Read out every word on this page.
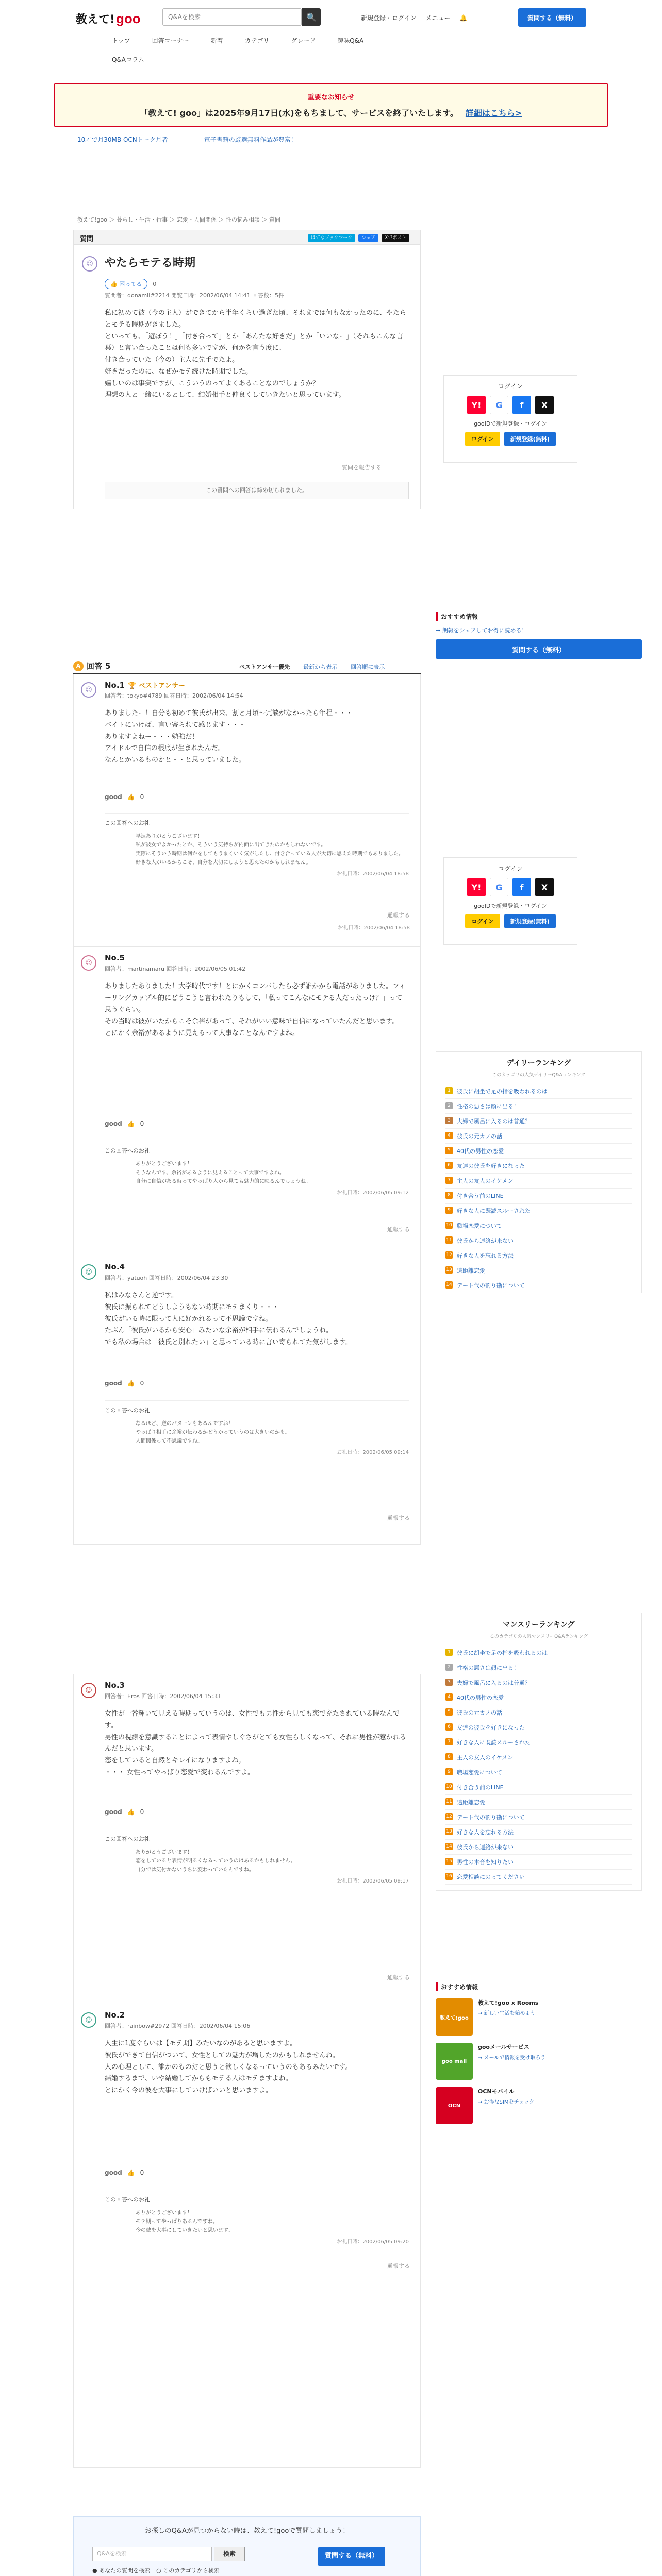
教えて! goo
Q&Aを検索	🔍	新規登録・ログイン メニュー 🔔	質問する（無料）
トップ	回答コーナー	新着	カテゴリ	グレード	趣味Q&A
Q&Aコラム
重要なお知らせ
「教えて! goo」は2025年9月17日(水)をもちまして、サービスを終了いたします。 詳細はこちら>
10才で月30MB OCNトーク月者	電子書籍の厳選無料作品が豊富！
教えて!goo ＞ 暮らし・生活・行事 ＞ 恋愛・人間関係 ＞ 性の悩み相談 ＞ 質問
質問	はてなブックマーク	シェア	Xでポスト
☺	やたらモテる時期
👍 困ってる	0
質問者：donamii#2214 閲覧日時：2002/06/04 14:41 回答数：5件
私に初めて彼（今の主人）ができてから半年くらい過ぎた頃、それまでは何もなかったのに、やたらとモテる時期がきました。
といっても、「遊ぼう！」「付き合って」とか「あんたな好きだ」とか「いいなー」（それもこんな言葉）と言い合ったことは何も多いですが、何かを言う度に、
付き合っていた（今の）主人に先手でたよ。
好きだったのに、なぜかモテ続けた時期でした。
嬉しいのは事実ですが、こういうのってよくあることなのでしょうか？
理想の人と一緒にいるとして、結婚相手と仲良くしていきたいと思っています。
質問を報告する
この質問への回答は締め切られました。
ログイン
Y!	G	f	X
gooIDで新規登録・ログイン
ログイン	新規登録(無料)
おすすめ情報
→ 朗報をシェアしてお得に読める！
質問する（無料）
A 回答 5	ベストアンサー優先 最新から表示 回答順に表示
☺
No.1 🏆 ベストアンサー
回答者：tokyo#4789 回答日時：2002/06/04 14:54
ありましたー！自分も初めて彼氏が出来、割と月頃～冗談がなかったら年程・・・
バイトにいけば、言い寄られて感じます・・・
ありますよねー・・・勉強だ！
アイドルで自信の根底が生まれたんだ。
なんとかいるものかと・・と思っていました。
good 👍 0
この回答へのお礼
早速ありがとうございます！
私が彼女でよかったとか、そういう気持ちが内面に出てきたのかもしれないです。
実際にそういう時期は何かをしてもうまくいく気がしたし、付き合っている人が大切に思えた時期でもありました。
好きな人がいるからこそ、自分を大切にしようと思えたのかもしれません。
お礼日時：2002/06/04 18:58
通報する
お礼日時：2002/06/04 18:58
ログイン
Y!	G	f	X
gooIDで新規登録・ログイン
ログイン	新規登録(無料)
☺
No.5
回答者：martinamaru 回答日時：2002/06/05 01:42
ありましたありました！大学時代です！とにかくコンパしたら必ず誰かから電話がありました。フィーリングカップル的にどうこうと言われたりもして、「私ってこんなにモテる人だったっけ？」って思うぐらい。
その当時は彼がいたからこそ余裕があって、それがいい意味で自信になっていたんだと思います。
とにかく余裕があるように見えるって大事なことなんですよね。
good 👍 0
この回答へのお礼
ありがとうございます！
そうなんです、余裕があるように見えることって大事ですよね。
自分に自信がある時ってやっぱり人から見ても魅力的に映るんでしょうね。
お礼日時：2002/06/05 09:12
通報する
デイリーランキング
このカテゴリの人気デイリーQ&Aランキング
1	彼氏に胡坐で足の指を吸われるのは
2	性格の悪さは顔に出る！
3	夫婦で風呂に入るのは普通？
4	彼氏の元カノの話
5	40代の男性の恋愛
6	友達の彼氏を好きになった
7	主人の友人のイケメン
8	付き合う前のLINE
9	好きな人に既読スルーされた
10 職場恋愛について
11 彼氏から連絡が来ない
12 好きな人を忘れる方法
13 遠距離恋愛
14 デート代の割り勘について
☺
No.4
回答者：yatuoh 回答日時：2002/06/04 23:30
私はみなさんと逆です。
彼氏に振られてどうしようもない時期にモテまくり・・・
彼氏がいる時に限って人に好かれるって不思議ですね。
たぶん「彼氏がいるから安心」みたいな余裕が相手に伝わるんでしょうね。
でも私の場合は「彼氏と別れたい」と思っている時に言い寄られてた気がします。
good 👍 0
この回答へのお礼
なるほど、逆のパターンもあるんですね！
やっぱり相手に余裕が伝わるかどうかっていうのは大きいのかも。
人間関係って不思議ですね。
お礼日時：2002/06/05 09:14
通報する
マンスリーランキング
このカテゴリの人気マンスリーQ&Aランキング
1	彼氏に胡坐で足の指を吸われるのは
2	性格の悪さは顔に出る！
3	夫婦で風呂に入るのは普通？
4	40代の男性の恋愛
5	彼氏の元カノの話
6	友達の彼氏を好きになった
7	好きな人に既読スルーされた
8	主人の友人のイケメン
9	職場恋愛について
10 付き合う前のLINE
11 遠距離恋愛
12 デート代の割り勘について
13 好きな人を忘れる方法
14 彼氏から連絡が来ない
15 男性の本音を知りたい
16 恋愛相談にのってください
☺
No.3
回答者：Eros 回答日時：2002/06/04 15:33
女性が一番輝いて見える時期っていうのは、女性でも男性から見ても恋で充たされている時なんです。
男性の視線を意識することによって表情やしぐさがとても女性らしくなって、それに男性が惹かれるんだと思います。
恋をしていると自然とキレイになりますよね。
・・・ 女性ってやっぱり恋愛で変わるんですよ。
good 👍 0
この回答へのお礼
ありがとうございます！
恋をしていると表情が明るくなるっていうのはあるかもしれません。
自分では気付かないうちに変わっていたんですね。
お礼日時：2002/06/05 09:17
通報する
おすすめ情報
教えて!goo
教えて!goo x Rooms
→ 新しい生活を始めよう
goo mail
gooメールサービス
→ メールで情報を受け取ろう
OCN
OCNモバイル
→ お得なSIMをチェック
☺
No.2
回答者：rainbow#2972 回答日時：2002/06/04 15:06
人生に1度ぐらいは【モテ期】みたいなのがあると思いますよ。
彼氏ができて自信がついて、女性としての魅力が増したのかもしれませんね。
人の心理として、誰かのものだと思うと欲しくなるっていうのもあるみたいです。
結婚するまで、いや結婚してからもモテる人はモテますよね。
とにかく今の彼を大事にしていけばいいと思いますよ。
good 👍 0
この回答へのお礼
ありがとうございます！
モテ期ってやっぱりあるんですね。
今の彼を大事にしていきたいと思います。
お礼日時：2002/06/05 09:20
通報する
お探しのQ&Aが見つからない時は、教えて!gooで質問しましょう！
Q&Aを検索	検索
● あなたの質問を検索 ○ このカテゴリから検索
質問する（無料）
